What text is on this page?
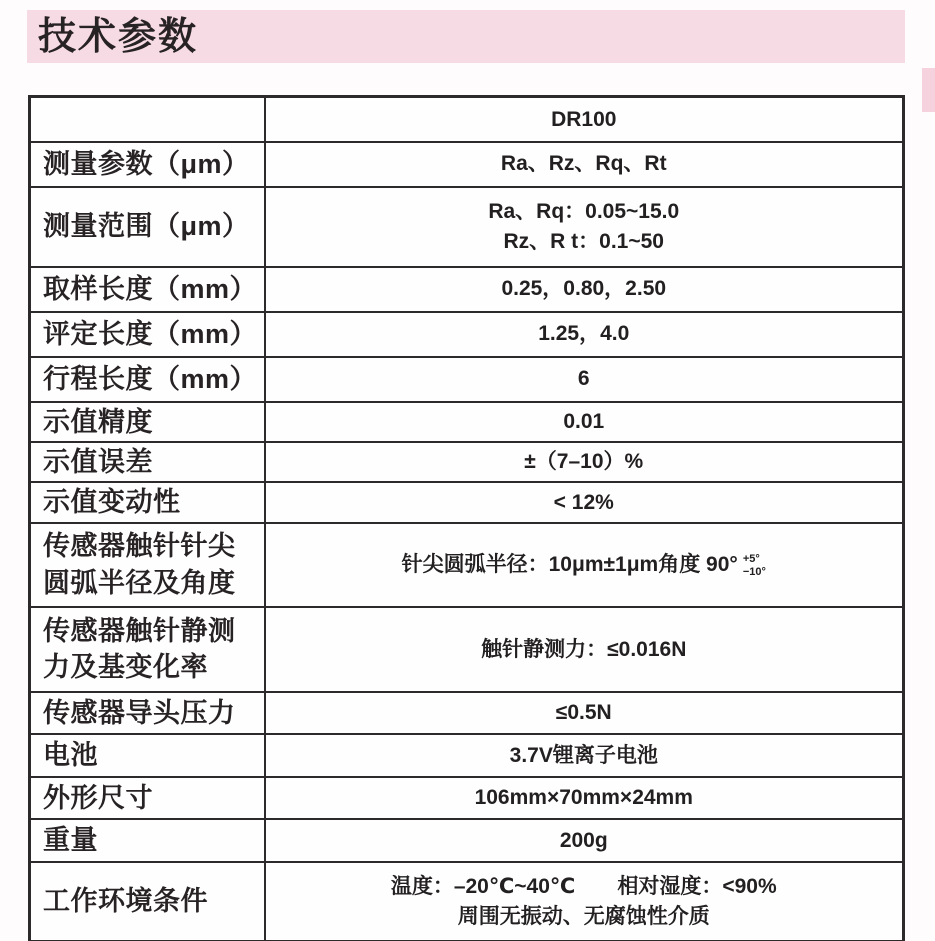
技术参数

	DR100

测量参数（μm）	Ra、Rz、Rq、Rt

测量范围（μm）	Ra、Rq：0.05~15.0
Rz、R t：0.1~50

取样长度（mm）	0.25，0.80，2.50

评定长度（mm）	1.25，4.0

行程长度（mm）	6

示值精度	0.01

示值误差	±（7–10）%

示值变动性	< 12%

传感器触针针尖
圆弧半径及角度	针尖圆弧半径：10μm±1μm角度 90° +5°
−10°

传感器触针静测
力及基变化率	触针静测力：≤0.016N

传感器导头压力	≤0.5N

电池	3.7V锂离子电池

外形尺寸	106mm×70mm×24mm

重量	200g

工作环境条件	温度：–20℃~40℃　　相对湿度：<90%
周围无振动、无腐蚀性介质
